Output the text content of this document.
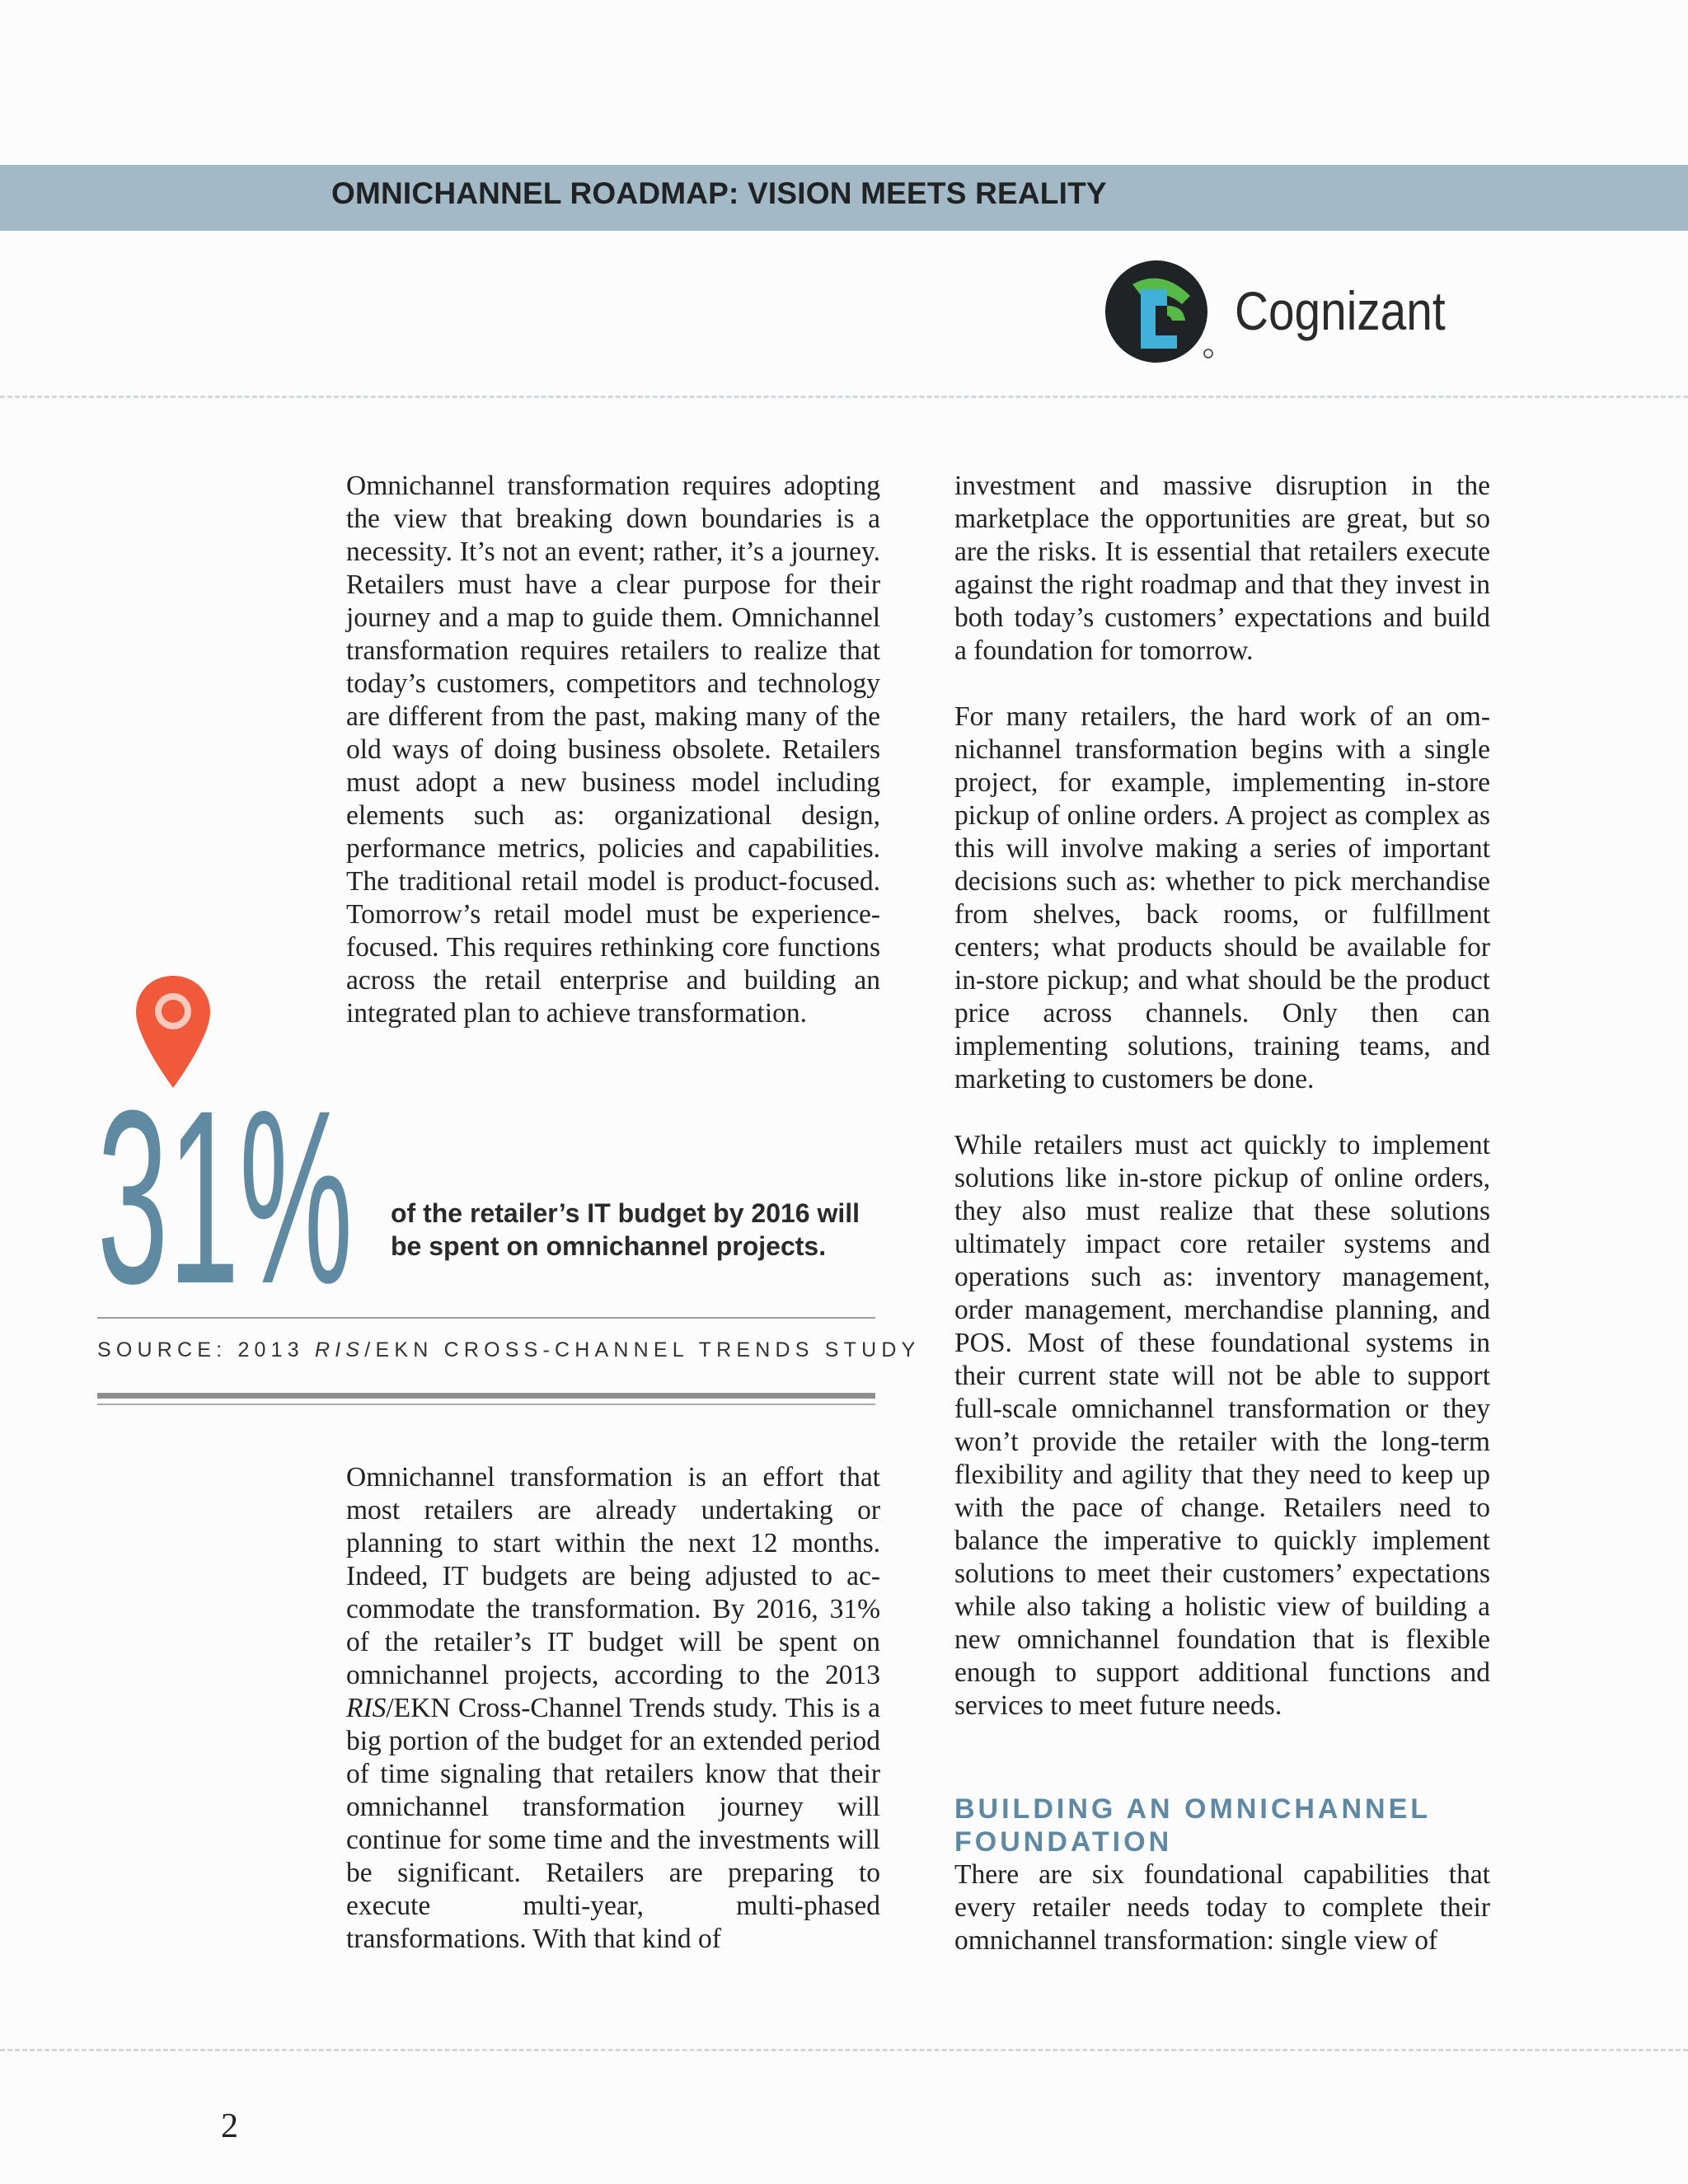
OMNICHANNEL ROADMAP: VISION MEETS REALITY
Cognizant

Omnichannel transformation requires adopting the view that breaking down boundaries is a necessity. It’s not an event; rather, it’s a journey. Retailers must have a clear purpose for their journey and a map to guide them. Omnichannel transformation requires retailers to realize that today’s customers, competitors and technology are different from the past, making many of the old ways of doing business obsolete. Retailers must adopt a new business model including elements such as: organizational design, performance metrics, policies and capabilities. The traditional retail model is product-focused. Tomorrow’s retail model must be experience-focused. This requires rethinking core functions across the retail enterprise and building an integrated plan to achieve transformation.

31% of the retailer’s IT budget by 2016 will be spent on omnichannel projects.

SOURCE: 2013 RIS/EKN CROSS-CHANNEL TRENDS STUDY

Omnichannel transformation is an effort that most retailers are already undertaking or planning to start within the next 12 months. Indeed, IT budgets are being adjusted to accommodate the transformation. By 2016, 31% of the retailer’s IT budget will be spent on omnichannel projects, according to the 2013 RIS/EKN Cross-Channel Trends study. This is a big portion of the budget for an extended period of time signaling that retailers know that their omnichannel transformation journey will continue for some time and the investments will be significant. Retailers are preparing to execute multi-year, multi-phased transformations. With that kind of

investment and massive disruption in the marketplace the opportunities are great, but so are the risks. It is essential that retailers execute against the right roadmap and that they invest in both today’s customers’ expectations and build a foundation for tomorrow.

For many retailers, the hard work of an omnichannel transformation begins with a single project, for example, implementing in-store pickup of online orders. A project as complex as this will involve making a series of important decisions such as: whether to pick merchandise from shelves, back rooms, or fulfillment centers; what products should be available for in-store pickup; and what should be the product price across channels. Only then can implementing solutions, training teams, and marketing to customers be done.

While retailers must act quickly to implement solutions like in-store pickup of online orders, they also must realize that these solutions ultimately impact core retailer systems and operations such as: inventory management, order management, merchandise planning, and POS. Most of these foundational systems in their current state will not be able to support full-scale omnichannel transformation or they won’t provide the retailer with the long-term flexibility and agility that they need to keep up with the pace of change. Retailers need to balance the imperative to quickly implement solutions to meet their customers’ expectations while also taking a holistic view of building a new omnichannel foundation that is flexible enough to support additional functions and services to meet future needs.

BUILDING AN OMNICHANNEL FOUNDATION

There are six foundational capabilities that every retailer needs today to complete their omnichannel transformation: single view of

2
